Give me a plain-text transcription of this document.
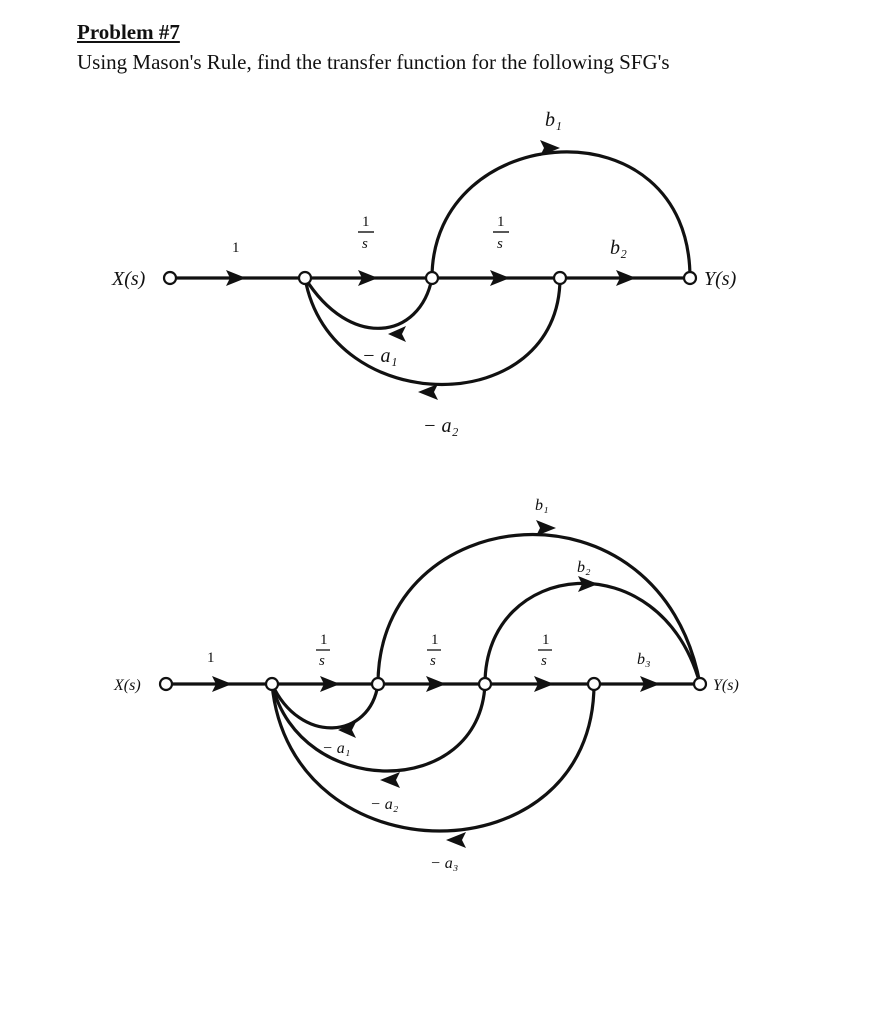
Problem #7
Using Mason's Rule, find the transfer function for the following SFG's
X(s)	Y(s)
1
1
s
1
s
b₁
b₂
− a₁
− a₂
X(s)	Y(s)
1
1
s
1
s
1
s
b₁
b₂
b₃
− a₁
− a₂
− a₃
